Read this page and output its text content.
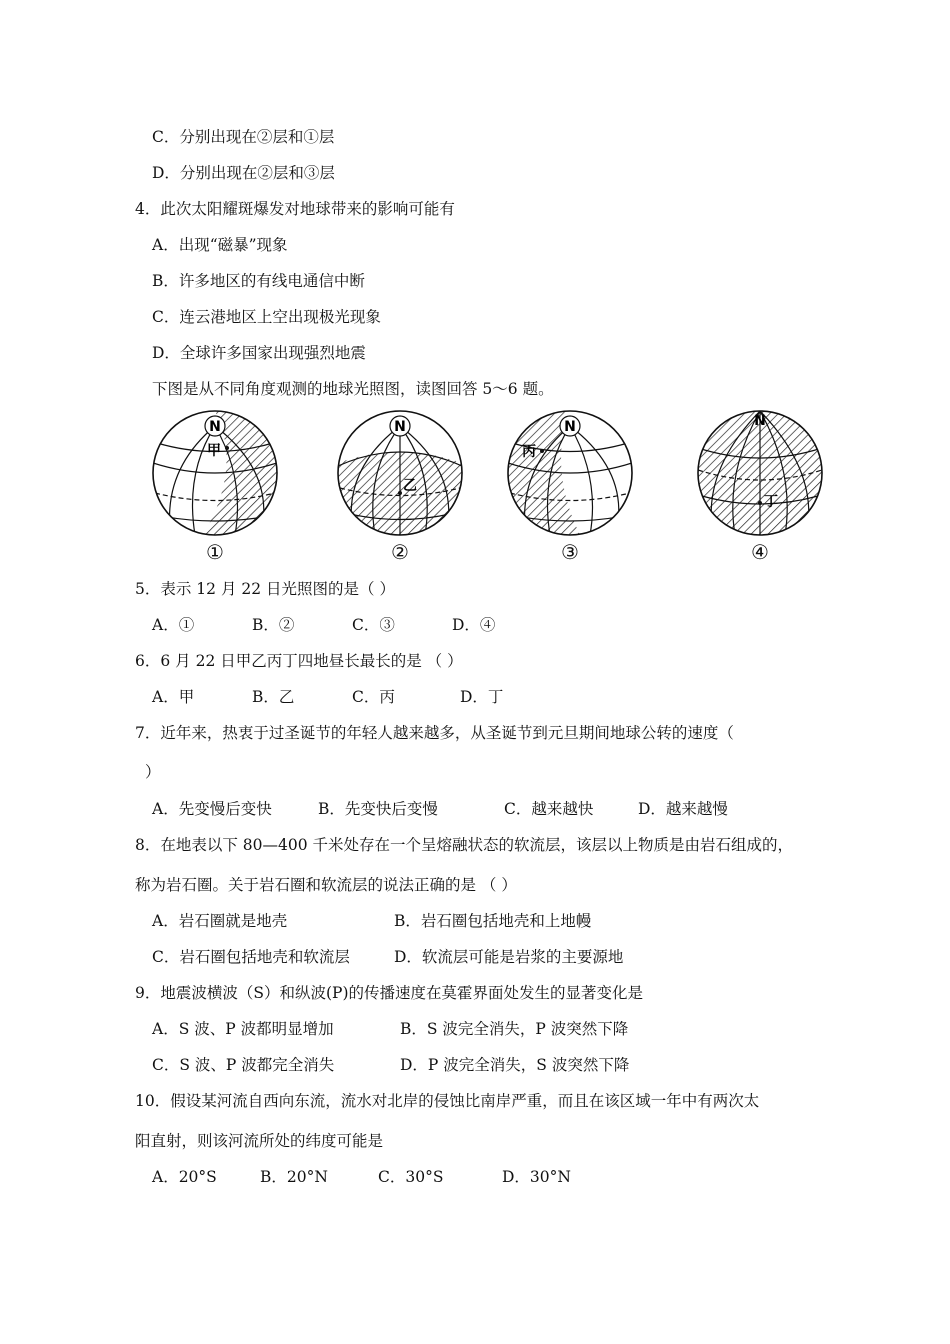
C．分别出现在②层和①层
D．分别出现在②层和③层
4．此次太阳耀斑爆发对地球带来的影响可能有
A．出现“磁暴”现象
B．许多地区的有线电通信中断
C．连云港地区上空出现极光现象
D．全球许多国家出现强烈地震
下图是从不同角度观测的地球光照图，读图回答 5～6 题。
N
甲
①
N
乙
②
N
丙
③
N
丁
④
5．表示 12 月 22 日光照图的是（ ）
A．①	B．②	C．③	D．④
6．6 月 22 日甲乙丙丁四地昼长最长的是 （ ）
A．甲	B．乙	C．丙	D．丁
7．近年来，热衷于过圣诞节的年轻人越来越多，从圣诞节到元旦期间地球公转的速度（
）
A．先变慢后变快	B．先变快后变慢	C．越来越快	D．越来越慢
8．在地表以下 80—400 千米处存在一个呈熔融状态的软流层，该层以上物质是由岩石组成的，
称为岩石圈。关于岩石圈和软流层的说法正确的是 （ ）
A．岩石圈就是地壳	B．岩石圈包括地壳和上地幔
C．岩石圈包括地壳和软流层	D．软流层可能是岩浆的主要源地
9．地震波横波（S）和纵波(P)的传播速度在莫霍界面处发生的显著变化是
A．S 波、P 波都明显增加	B．S 波完全消失，P 波突然下降
C．S 波、P 波都完全消失	D．P 波完全消失，S 波突然下降
10．假设某河流自西向东流，流水对北岸的侵蚀比南岸严重，而且在该区域一年中有两次太
阳直射，则该河流所处的纬度可能是
A．20°S	B．20°N	C．30°S	D．30°N
